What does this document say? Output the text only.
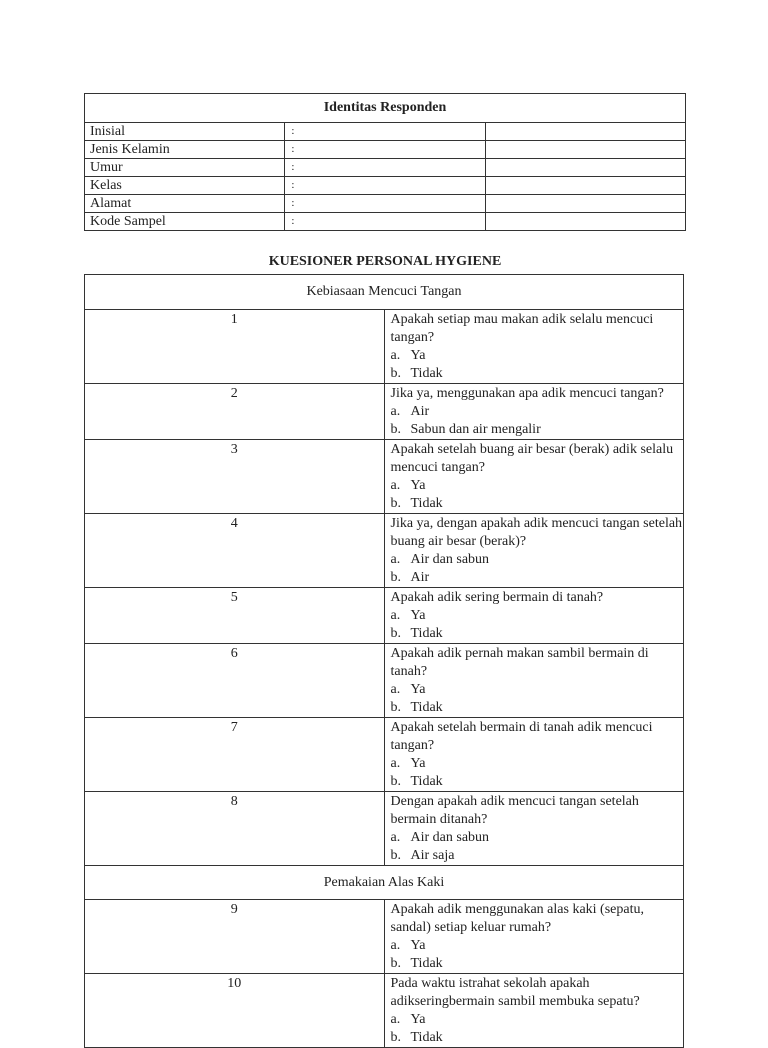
Identitas Responden		
Inisial	:	
Jenis Kelamin	:	
Umur	:	
Kelas	:	
Alamat	:	
Kode Sampel	:	
KUESIONER PERSONAL HYGIENE
Kebiasaan Mencuci Tangan	
1	Apakah setiap mau makan adik selalu mencuci tangan?
a. Ya
b. Tidak

2	Jika ya, menggunakan apa adik mencuci tangan?
a. Air
b. Sabun dan air mengalir

3	Apakah setelah buang air besar (berak) adik selalu mencuci tangan?
a. Ya
b. Tidak

4	Jika ya, dengan apakah adik mencuci tangan setelah buang air besar (berak)?
a. Air dan sabun
b. Air

5	Apakah adik sering bermain di tanah?
a. Ya
b. Tidak

6	Apakah adik pernah makan sambil bermain di tanah?
a. Ya
b. Tidak

7	Apakah setelah bermain di tanah adik mencuci tangan?
a. Ya
b. Tidak

8	Dengan apakah adik mencuci tangan setelah bermain ditanah?
a. Air dan sabun
b. Air saja

Pemakaian Alas Kaki	
9	Apakah adik menggunakan alas kaki (sepatu, sandal) setiap keluar rumah?
a. Ya
b. Tidak

10	Pada waktu istrahat sekolah apakah adikseringbermain sambil membuka sepatu?
a. Ya
b. Tidak
